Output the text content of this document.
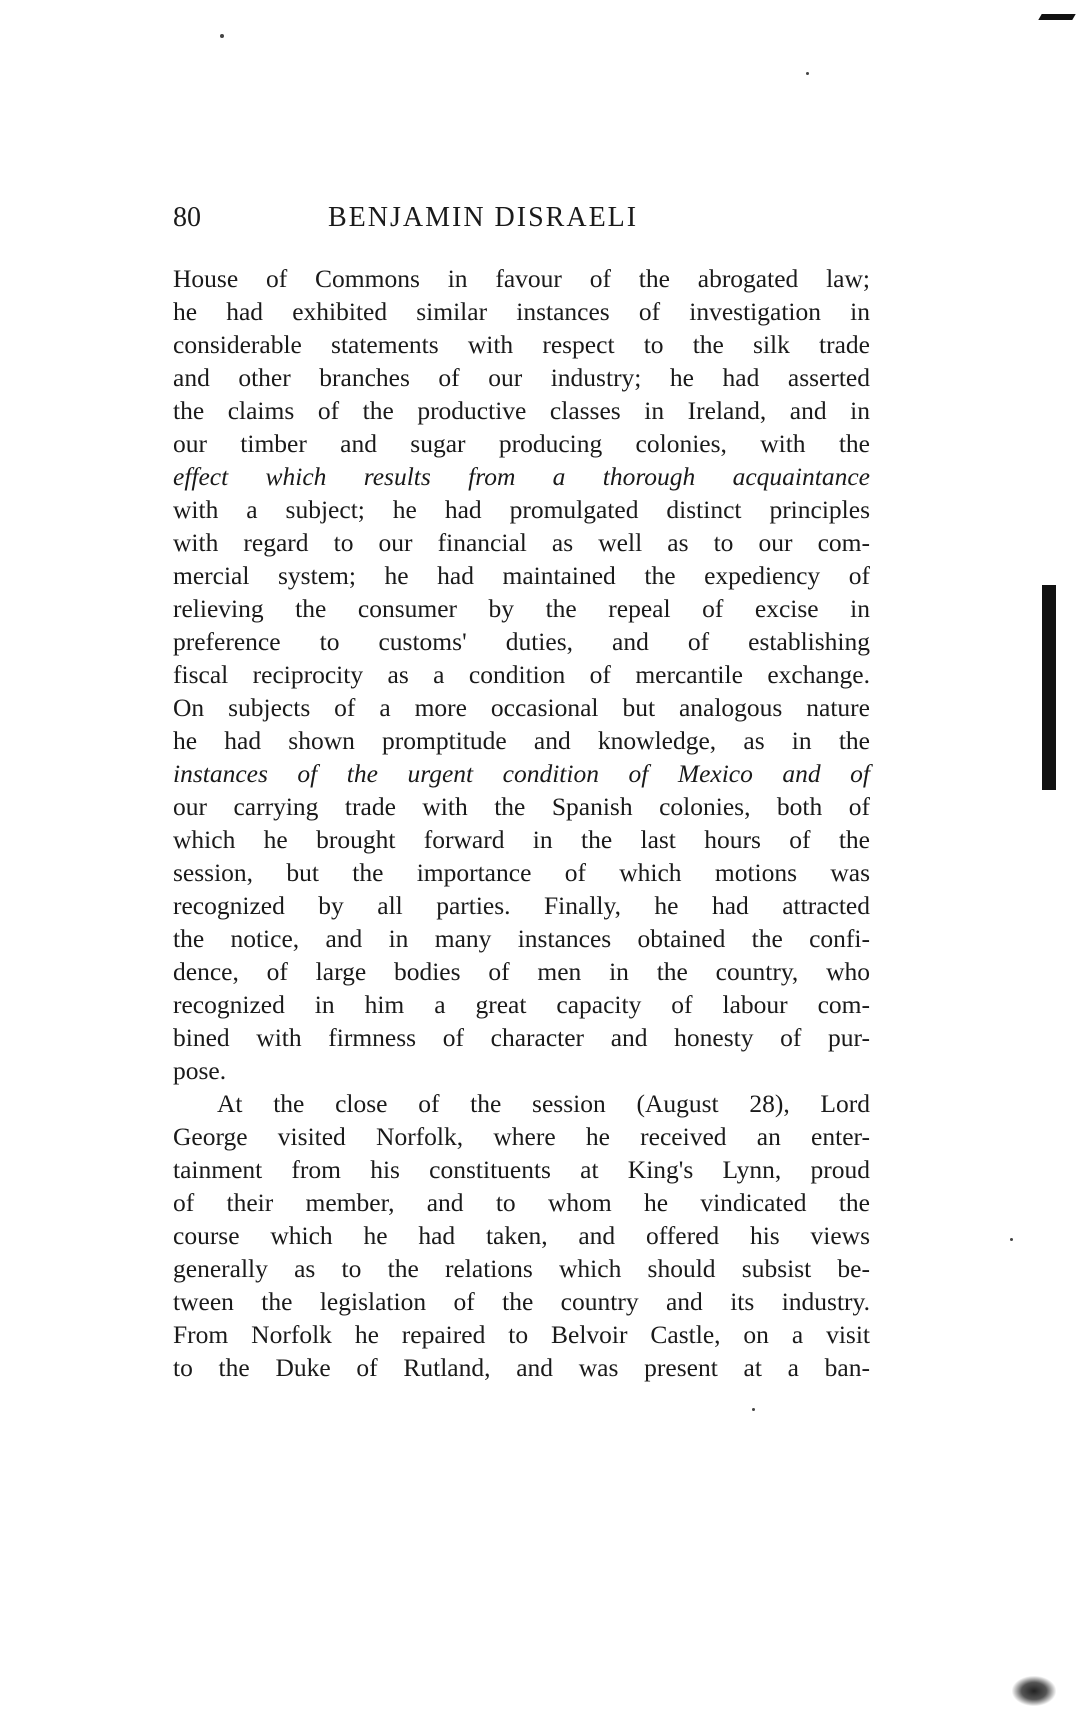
80	BENJAMIN DISRAELI
House of Commons in favour of the abrogated law;
he had exhibited similar instances of investigation in
considerable statements with respect to the silk trade
and other branches of our industry; he had asserted
the claims of the productive classes in Ireland, and in
our timber and sugar producing colonies, with the
effect which results from a thorough acquaintance
with a subject; he had promulgated distinct principles
with regard to our financial as well as to our com-
mercial system; he had maintained the expediency of
relieving the consumer by the repeal of excise in
preference to customs' duties, and of establishing
fiscal reciprocity as a condition of mercantile exchange.
On subjects of a more occasional but analogous nature
he had shown promptitude and knowledge, as in the
instances of the urgent condition of Mexico and of
our carrying trade with the Spanish colonies, both of
which he brought forward in the last hours of the
session, but the importance of which motions was
recognized by all parties. Finally, he had attracted
the notice, and in many instances obtained the confi-
dence, of large bodies of men in the country, who
recognized in him a great capacity of labour com-
bined with firmness of character and honesty of pur-
pose.
At the close of the session (August 28), Lord
George visited Norfolk, where he received an enter-
tainment from his constituents at King's Lynn, proud
of their member, and to whom he vindicated the
course which he had taken, and offered his views
generally as to the relations which should subsist be-
tween the legislation of the country and its industry.
From Norfolk he repaired to Belvoir Castle, on a visit
to the Duke of Rutland, and was present at a ban-
